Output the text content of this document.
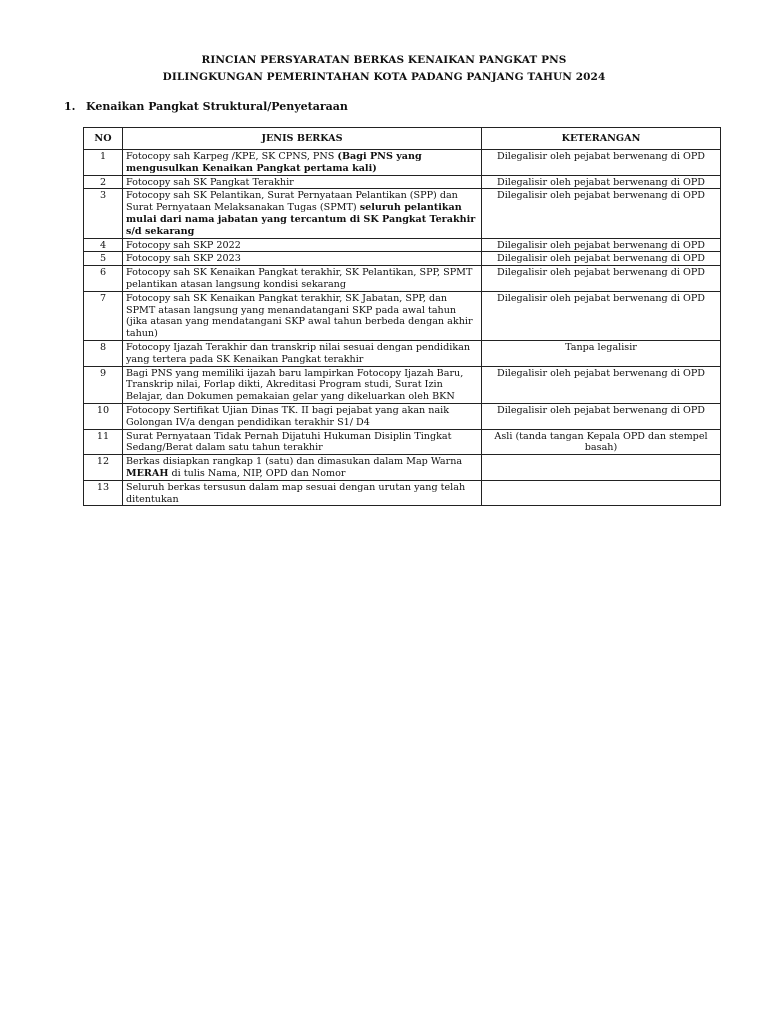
RINCIAN PERSYARATAN BERKAS KENAIKAN PANGKAT PNS
DILINGKUNGAN PEMERINTAHAN KOTA PADANG PANJANG TAHUN 2024
1. Kenaikan Pangkat Struktural/Penyetaraan
NO	JENIS BERKAS	KETERANGAN
1	Fotocopy sah Karpeg /KPE, SK CPNS, PNS (Bagi PNS yang mengusulkan Kenaikan Pangkat pertama kali)	Dilegalisir oleh pejabat berwenang di OPD
2	Fotocopy sah SK Pangkat Terakhir	Dilegalisir oleh pejabat berwenang di OPD
3	Fotocopy sah SK Pelantikan, Surat Pernyataan Pelantikan (SPP) dan Surat Pernyataan Melaksanakan Tugas (SPMT) seluruh pelantikan mulai dari nama jabatan yang tercantum di SK Pangkat Terakhir s/d sekarang	Dilegalisir oleh pejabat berwenang di OPD
4	Fotocopy sah SKP 2022	Dilegalisir oleh pejabat berwenang di OPD
5	Fotocopy sah SKP 2023	Dilegalisir oleh pejabat berwenang di OPD
6	Fotocopy sah SK Kenaikan Pangkat terakhir, SK Pelantikan, SPP, SPMT pelantikan atasan langsung kondisi sekarang	Dilegalisir oleh pejabat berwenang di OPD
7	Fotocopy sah SK Kenaikan Pangkat terakhir, SK Jabatan, SPP, dan SPMT atasan langsung yang menandatangani SKP pada awal tahun (jika atasan yang mendatangani SKP awal tahun berbeda dengan akhir tahun)	Dilegalisir oleh pejabat berwenang di OPD
8	Fotocopy Ijazah Terakhir dan transkrip nilai sesuai dengan pendidikan yang tertera pada SK Kenaikan Pangkat terakhir	Tanpa legalisir
9	Bagi PNS yang memiliki ijazah baru lampirkan Fotocopy Ijazah Baru, Transkrip nilai, Forlap dikti, Akreditasi Program studi, Surat Izin Belajar, dan Dokumen pemakaian gelar yang dikeluarkan oleh BKN	Dilegalisir oleh pejabat berwenang di OPD
10	Fotocopy Sertifikat Ujian Dinas TK. II bagi pejabat yang akan naik Golongan IV/a dengan pendidikan terakhir S1/ D4	Dilegalisir oleh pejabat berwenang di OPD
11	Surat Pernyataan Tidak Pernah Dijatuhi Hukuman Disiplin Tingkat Sedang/Berat dalam satu tahun terakhir	Asli (tanda tangan Kepala OPD dan stempel basah)
12	Berkas disiapkan rangkap 1 (satu) dan dimasukan dalam Map Warna MERAH di tulis Nama, NIP, OPD dan Nomor	
13	Seluruh berkas tersusun dalam map sesuai dengan urutan yang telah ditentukan	
